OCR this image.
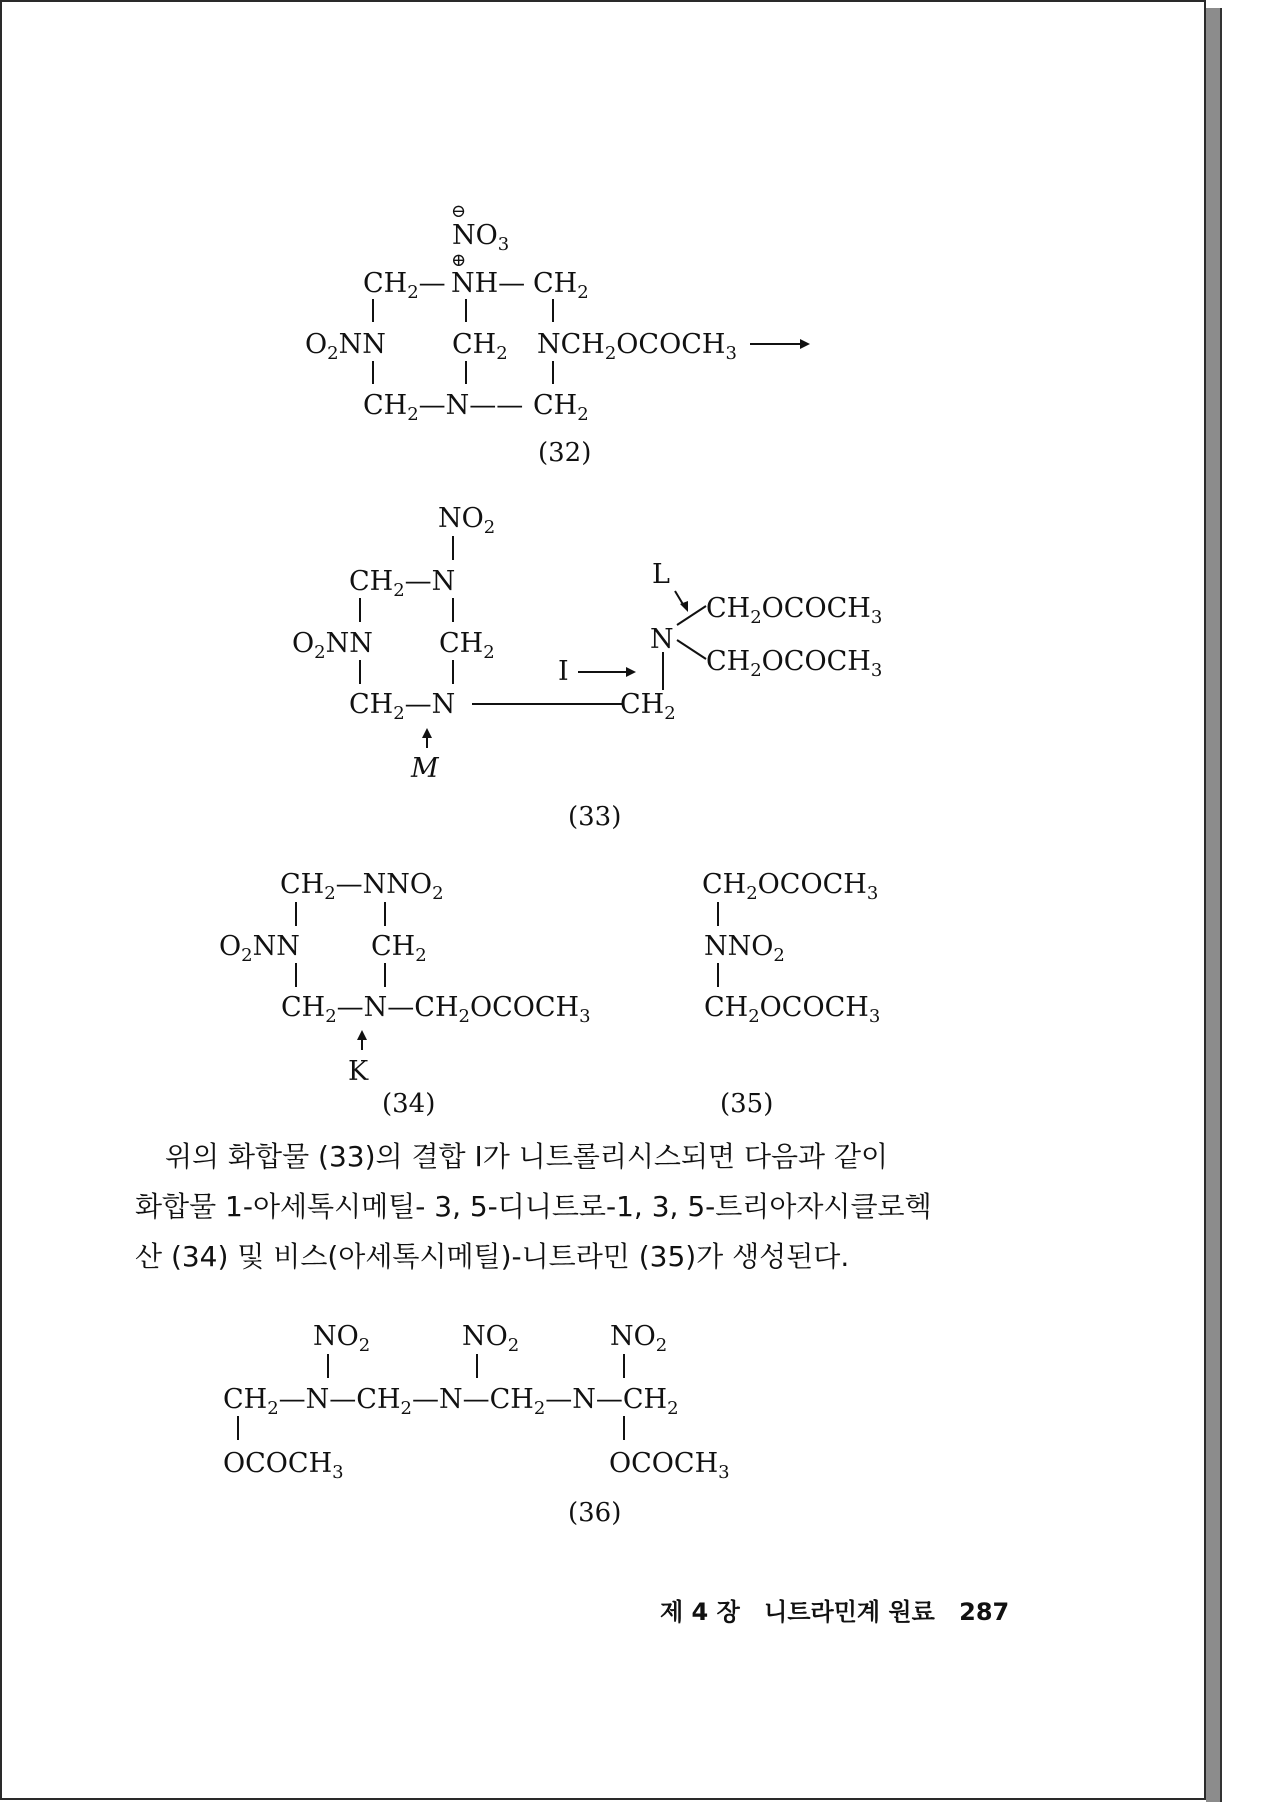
⊖
$NO_3$
⊕
$CH_2—$ NH— $CH_2$
$O_2NN$ $CH_2$ $NCH_2OCOCH_3$
$CH_2—N——$ $CH_2$
(32)
$NO_2$
$CH_2—N$
$O_2NN$ $CH_2$
$CH_2—N$	$CH_2$
N
$CH_2OCOCH_3$
$CH_2OCOCH_3$
L
I
M
(33)
$CH_2—NNO_2$
$O_2NN$	$CH_2$
$CH_2—N—CH_2OCOCH_3$
K
(34)
$CH_2OCOCH_3$
$NNO_2$
$CH_2OCOCH_3$
(35)
$NO_2$	$NO_2$	$NO_2$
$CH_2—N—CH_2—N—CH_2—N—CH_2$
$OCOCH_3$	$OCOCH_3$
(36)
위의 화합물 (33)의 결합 I가 니트롤리시스되면 다음과 같이
화합물 1-아세톡시메틸- 3, 5-디니트로-1, 3, 5-트리아자시클로헥
산 (34) 및 비스(아세톡시메틸)-니트라민 (35)가 생성된다.
제 4 장 니트라민계 원료 287
